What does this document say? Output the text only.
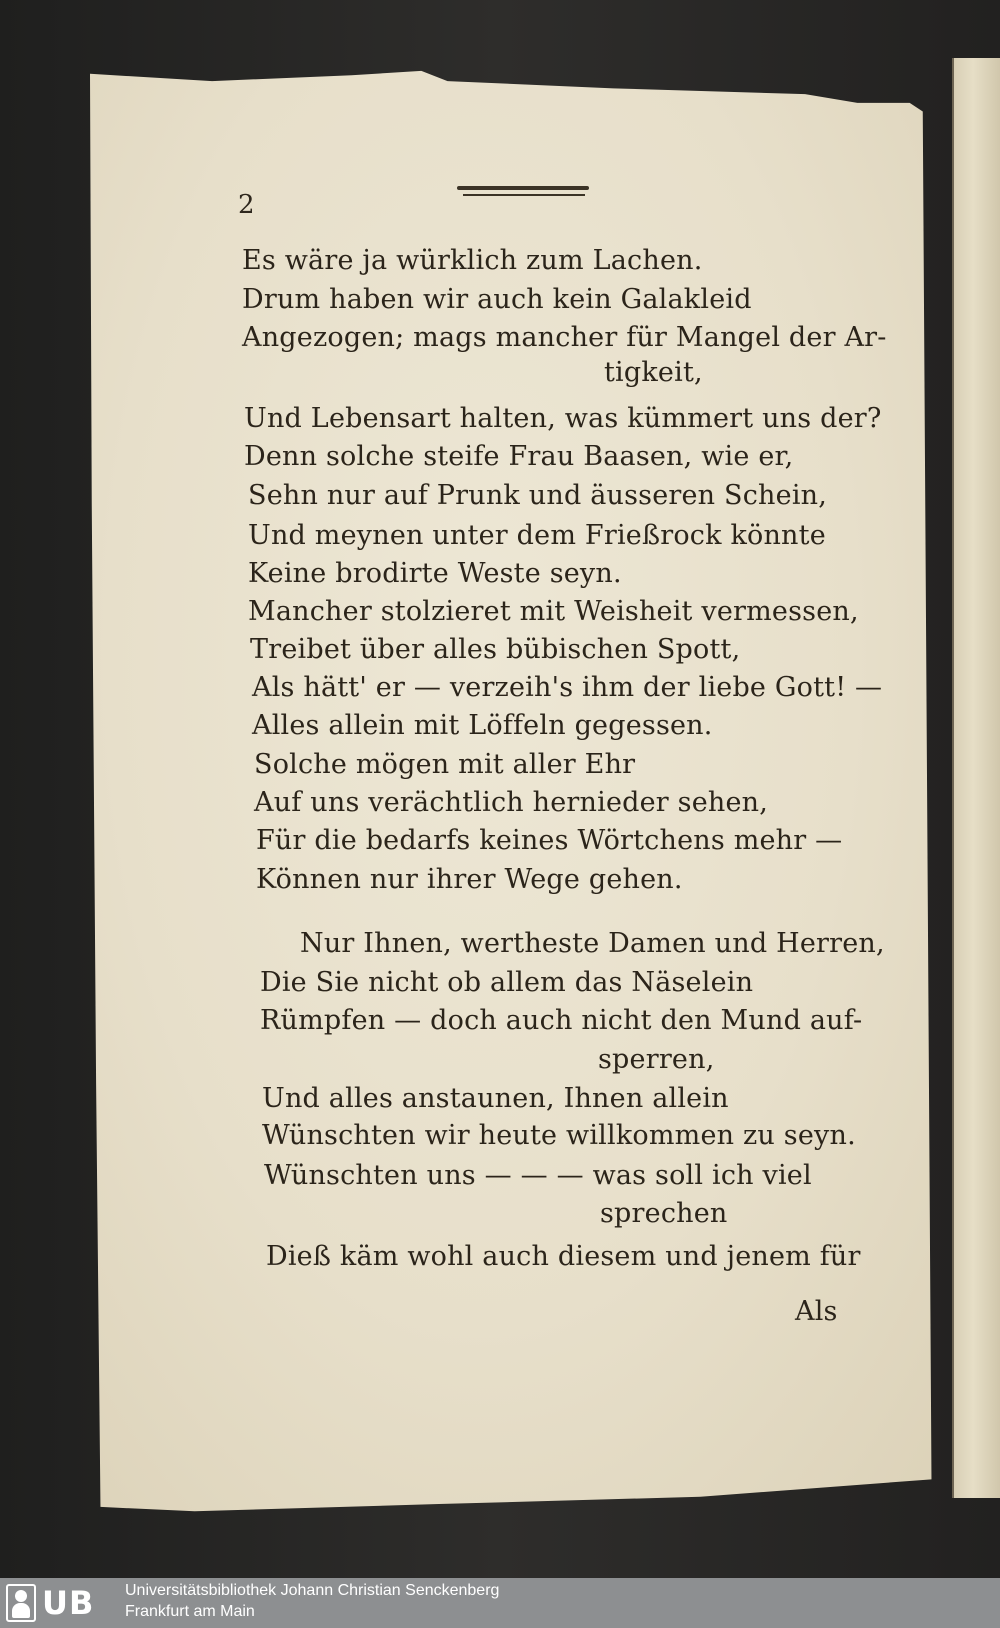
2
Es wäre ja würklich zum Lachen.
Drum haben wir auch kein Galakleid
Angezogen; mags mancher für Mangel der Ar-
tigkeit,
Und Lebensart halten, was kümmert uns der?
Denn solche steife Frau Baasen, wie er,
Sehn nur auf Prunk und äusseren Schein,
Und meynen unter dem Frießrock könnte
Keine brodirte Weste seyn.
Mancher stolzieret mit Weisheit vermessen,
Treibet über alles bübischen Spott,
Als hätt' er — verzeih's ihm der liebe Gott! —
Alles allein mit Löffeln gegessen.
Solche mögen mit aller Ehr
Auf uns verächtlich hernieder sehen,
Für die bedarfs keines Wörtchens mehr —
Können nur ihrer Wege gehen.
Nur Ihnen, wertheste Damen und Herren,
Die Sie nicht ob allem das Näselein
Rümpfen — doch auch nicht den Mund auf-
sperren,
Und alles anstaunen, Ihnen allein
Wünschten wir heute willkommen zu seyn.
Wünschten uns — — — was soll ich viel
sprechen
Dieß käm wohl auch diesem und jenem für
Als
UB Universitätsbibliothek Johann Christian Senckenberg
Frankfurt am Main
